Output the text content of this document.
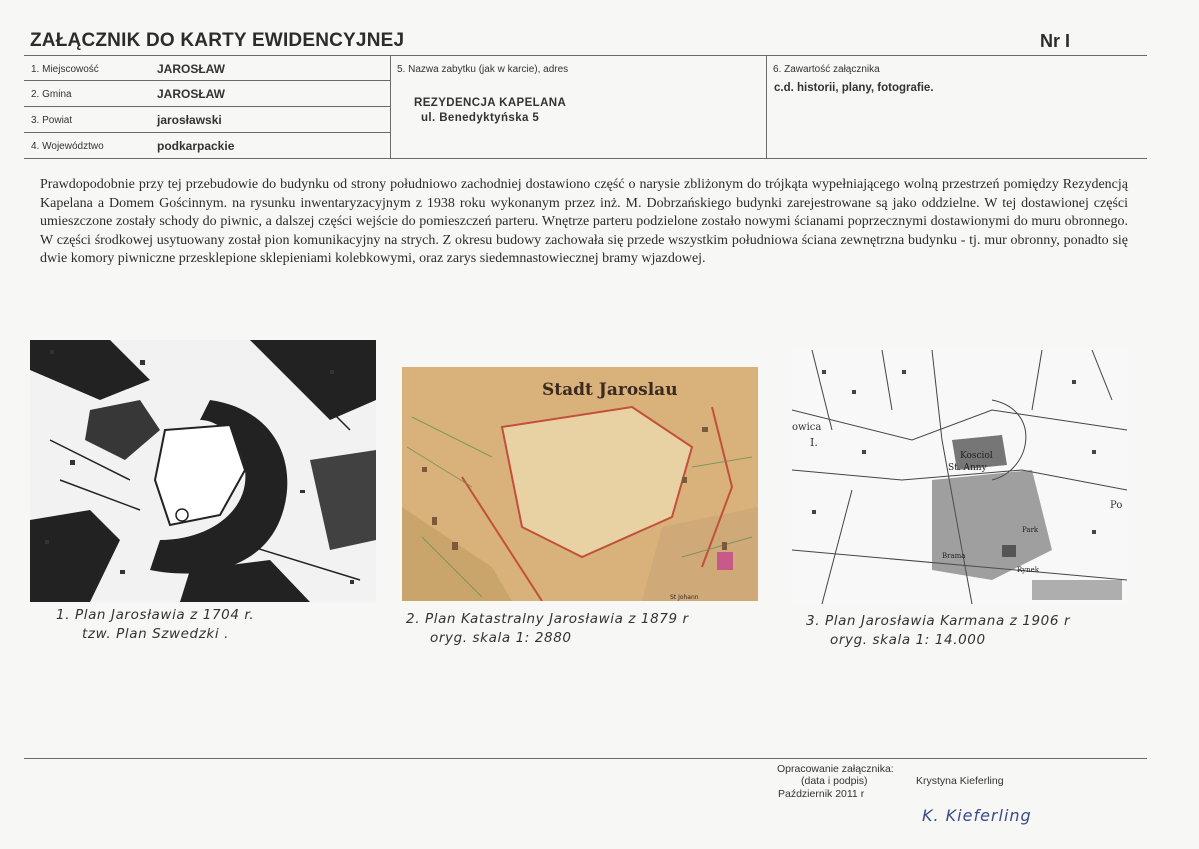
ZAŁĄCZNIK DO KARTY EWIDENCYJNEJ	Nr I
1. Miejscowość	JAROSŁAW
2. Gmina	JAROSŁAW
3. Powiat	jarosławski
4. Województwo	podkarpackie
5. Nazwa zabytku (jak w karcie), adres
REZYDENCJA KAPELANA
ul. Benedyktyńska 5
6. Zawartość załącznika
c.d. historii, plany, fotografie.

Prawdopodobnie przy tej przebudowie do budynku od strony południowo zachodniej dostawiono część o narysie zbliżonym do trójkąta wypełniającego wolną przestrzeń pomiędzy Rezydencją Kapelana a Domem Gościnnym. na rysunku inwentaryzacyjnym z 1938 roku wykonanym przez inż. M. Dobrzańskiego budynki zarejestrowane są jako oddzielne. W tej dostawionej części umieszczone zostały schody do piwnic, a dalszej części wejście do pomieszczeń parteru. Wnętrze parteru podzielone zostało nowymi ścianami poprzecznymi dostawionymi do muru obronnego. W części środkowej usytuowany został pion komunikacyjny na strych. Z okresu budowy zachowała się przede wszystkim południowa ściana zewnętrzna budynku - tj. mur obronny, ponadto się dwie komory piwniczne przesklepione sklepieniami kolebkowymi, oraz zarys siedemnastowiecznej bramy wjazdowej.

Stadt Jaroslau
St Johann
owica
I.
Kosciol
St. Anny
Po
Park
Brama
Rynek
1. Plan Jarosławia z 1704 r.
tzw. Plan Szwedzki .
2. Plan Katastralny Jarosławia z 1879 r
oryg. skala 1: 2880
3. Plan Jarosławia Karmana z 1906 r
oryg. skala 1: 14.000
Opracowanie załącznika:
(data i podpis)
Październik 2011 r
Krystyna Kieferling
K. Kieferling
